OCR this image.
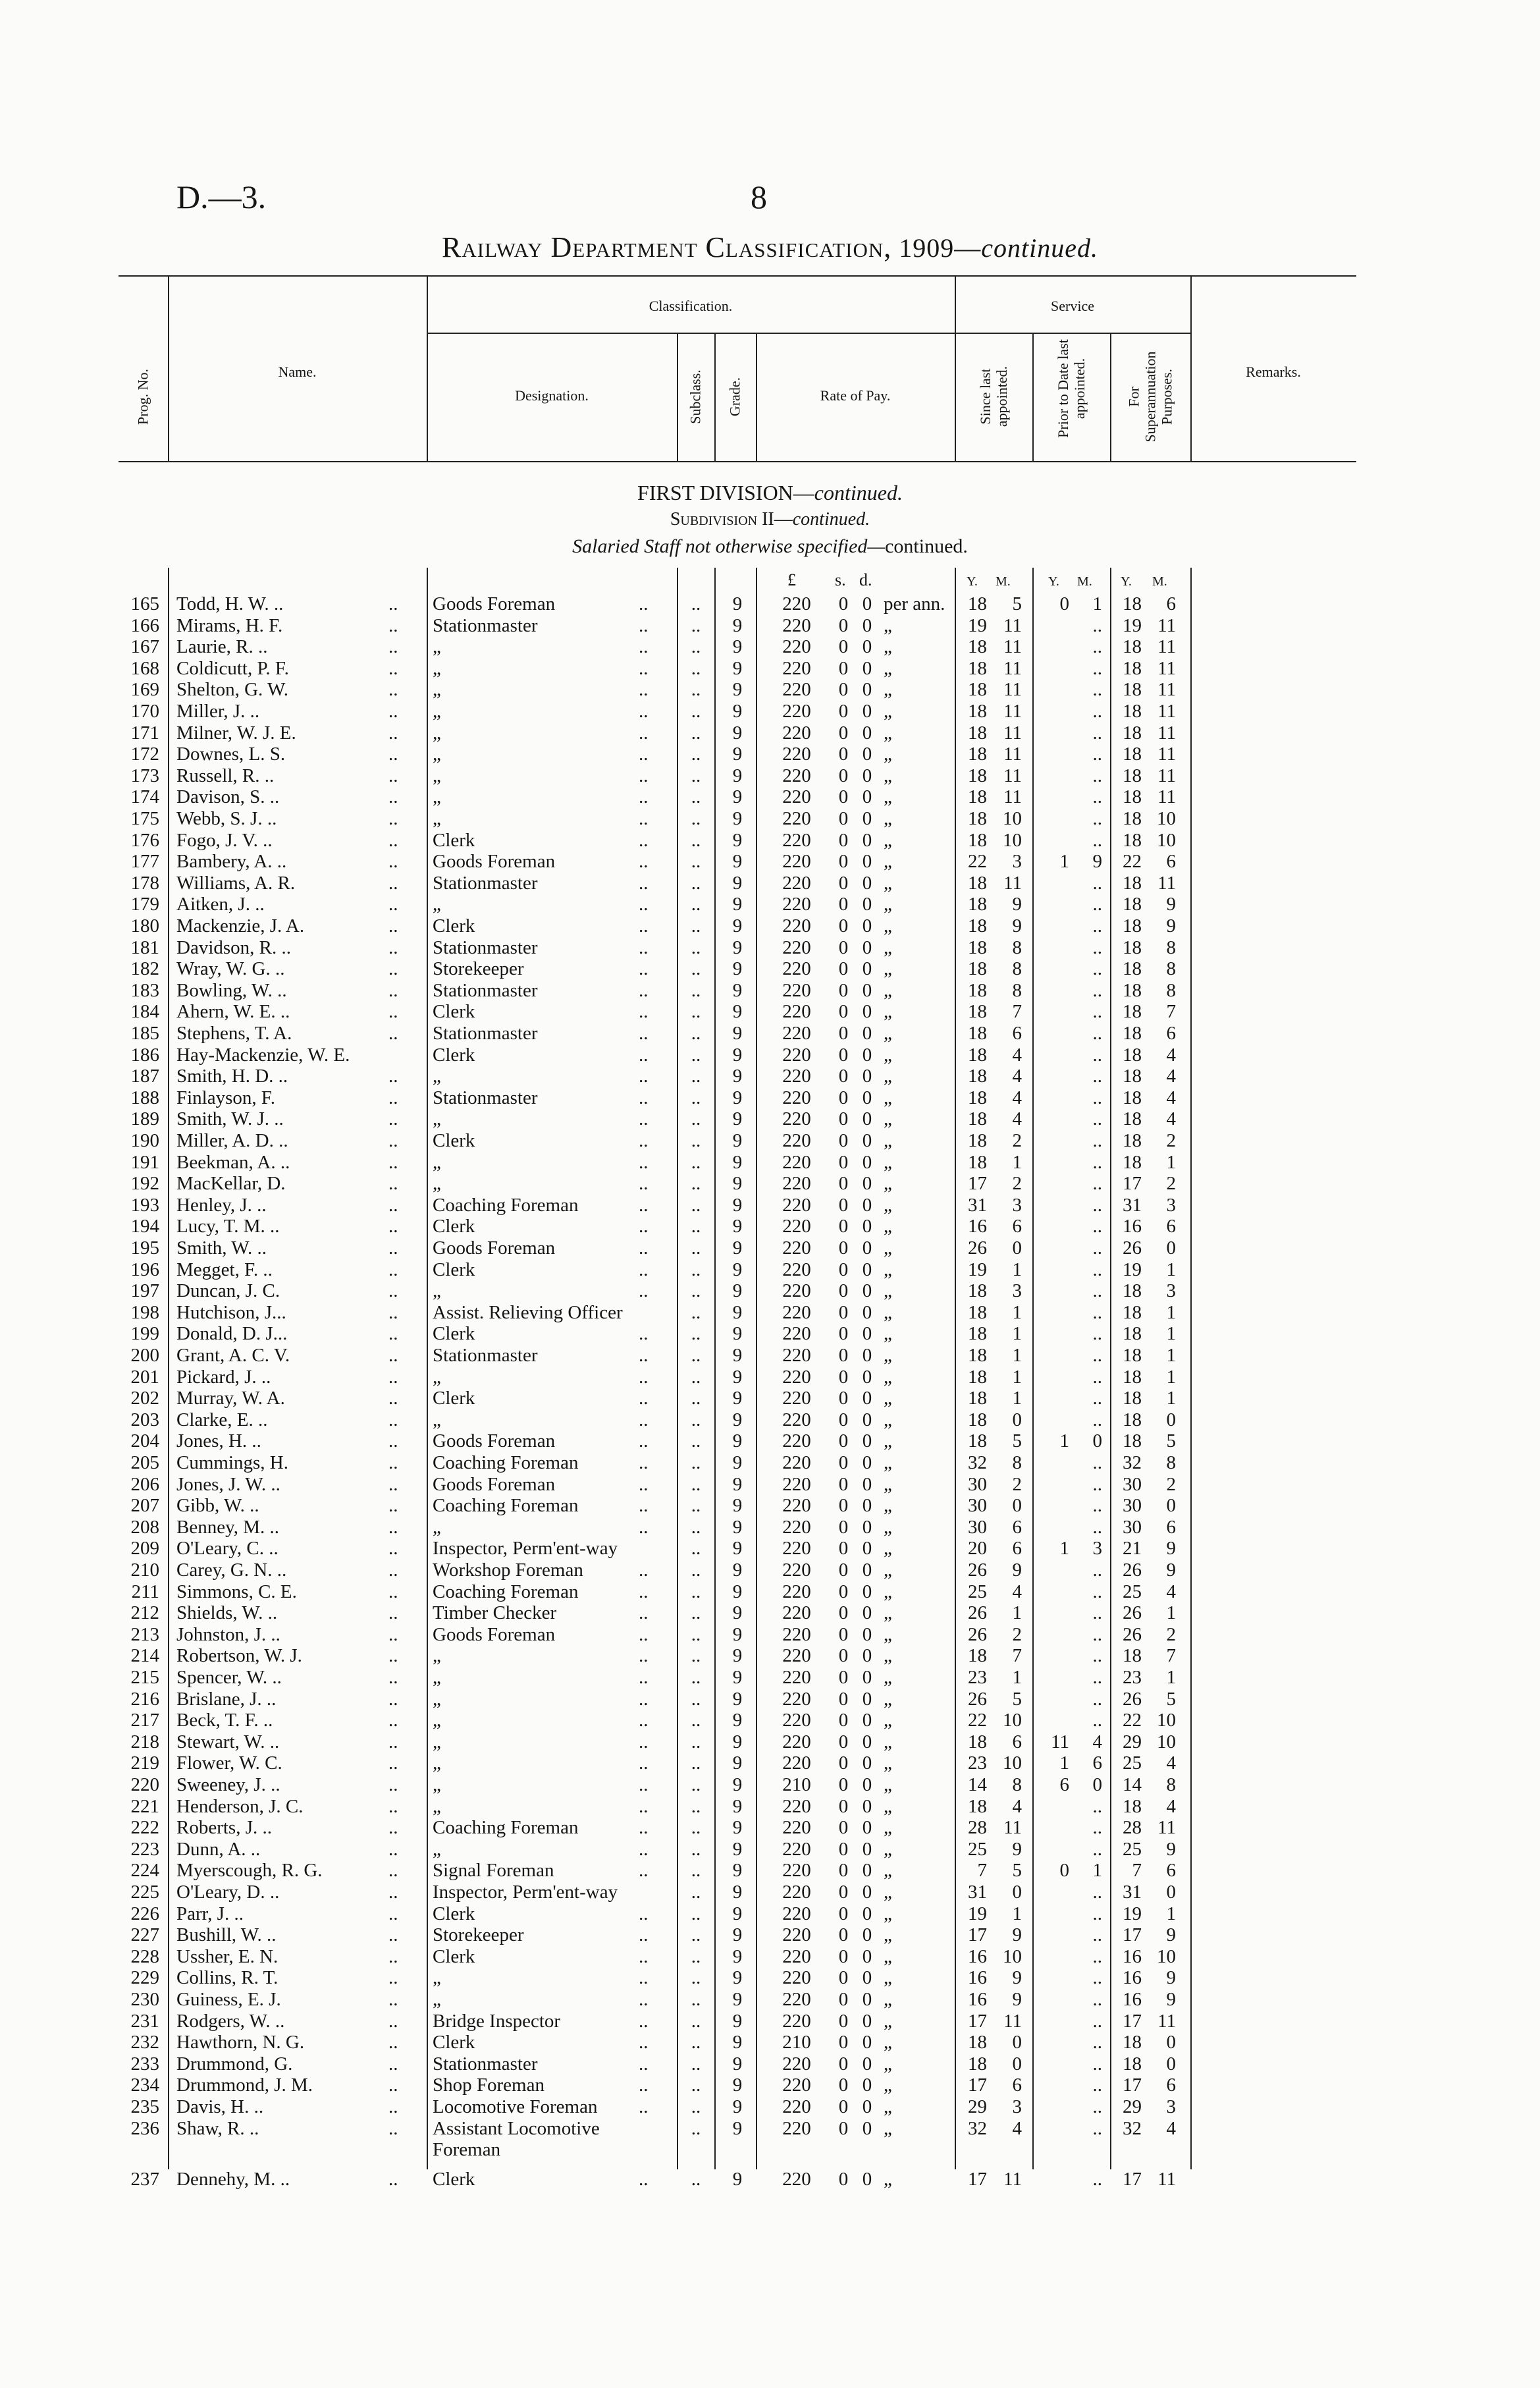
D.—3.	8
Railway Department Classification, 1909—continued.
Prog. No.	Name.
Classification.	Service
Designation.	Subclass. Grade.	Rate of Pay.	Since last appointed.	Prior to Date last appointed.	For Superannuation Purposes.	Remarks.
FIRST DIVISION—continued.
Subdivision II—continued.
Salaried Staff not otherwise specified—continued.
£ s. d.	Y. M.	Y. M. Y. M.
165 Todd, H. W. ..	.. Goods Foreman	..	..	9	220	0 0 per ann.	18	5	0	1	18	6
166 Mirams, H. F.	.. Stationmaster	..	..	9	220	0 0 „	19 11	..	19 11
167 Laurie, R. ..	.. „	..	..	9	220	0 0 „	18 11	..	18 11
168 Coldicutt, P. F.	.. „	..	..	9	220	0 0 „	18 11	..	18 11
169 Shelton, G. W.	.. „	..	..	9	220	0 0 „	18 11	..	18 11
170 Miller, J. ..	.. „	..	..	9	220	0 0 „	18 11	..	18 11
171 Milner, W. J. E.	.. „	..	..	9	220	0 0 „	18 11	..	18 11
172 Downes, L. S.	.. „	..	..	9	220	0 0 „	18 11	..	18 11
173 Russell, R. ..	.. „	..	..	9	220	0 0 „	18 11	..	18 11
174 Davison, S. ..	.. „	..	..	9	220	0 0 „	18 11	..	18 11
175 Webb, S. J. ..	.. „	..	..	9	220	0 0 „	18 10	..	18 10
176 Fogo, J. V. ..	.. Clerk	..	..	9	220	0 0 „	18 10	..	18 10
177 Bambery, A. ..	.. Goods Foreman	..	..	9	220	0 0 „	22	3	1	9	22	6
178 Williams, A. R.	.. Stationmaster	..	..	9	220	0 0 „	18 11	..	18 11
179 Aitken, J. ..	.. „	..	..	9	220	0 0 „	18	9	..	18	9
180 Mackenzie, J. A.	.. Clerk	..	..	9	220	0 0 „	18	9	..	18	9
181 Davidson, R. ..	.. Stationmaster	..	..	9	220	0 0 „	18	8	..	18	8
182 Wray, W. G. ..	.. Storekeeper	..	..	9	220	0 0 „	18	8	..	18	8
183 Bowling, W. ..	.. Stationmaster	..	..	9	220	0 0 „	18	8	..	18	8
184 Ahern, W. E. ..	.. Clerk	..	..	9	220	0 0 „	18	7	..	18	7
185 Stephens, T. A.	.. Stationmaster	..	..	9	220	0 0 „	18	6	..	18	6
186 Hay-Mackenzie, W. E.	Clerk	..	..	9	220	0 0 „	18	4	..	18	4
187 Smith, H. D. ..	.. „	..	..	9	220	0 0 „	18	4	..	18	4
188 Finlayson, F.	.. Stationmaster	..	..	9	220	0 0 „	18	4	..	18	4
189 Smith, W. J. ..	.. „	..	..	9	220	0 0 „	18	4	..	18	4
190 Miller, A. D. ..	.. Clerk	..	..	9	220	0 0 „	18	2	..	18	2
191 Beekman, A. ..	.. „	..	..	9	220	0 0 „	18	1	..	18	1
192 MacKellar, D.	.. „	..	..	9	220	0 0 „	17	2	..	17	2
193 Henley, J. ..	.. Coaching Foreman	..	..	9	220	0 0 „	31	3	..	31	3
194 Lucy, T. M. ..	.. Clerk	..	..	9	220	0 0 „	16	6	..	16	6
195 Smith, W. ..	.. Goods Foreman	..	..	9	220	0 0 „	26	0	..	26	0
196 Megget, F. ..	.. Clerk	..	..	9	220	0 0 „	19	1	..	19	1
197 Duncan, J. C.	.. „	..	..	9	220	0 0 „	18	3	..	18	3
198 Hutchison, J...	.. Assist. Relieving Officer	..	9	220	0 0 „	18	1	..	18	1
199 Donald, D. J...	.. Clerk	..	..	9	220	0 0 „	18	1	..	18	1
200 Grant, A. C. V.	.. Stationmaster	..	..	9	220	0 0 „	18	1	..	18	1
201 Pickard, J. ..	.. „	..	..	9	220	0 0 „	18	1	..	18	1
202 Murray, W. A.	.. Clerk	..	..	9	220	0 0 „	18	1	..	18	1
203 Clarke, E. ..	.. „	..	..	9	220	0 0 „	18	0	..	18	0
204 Jones, H. ..	.. Goods Foreman	..	..	9	220	0 0 „	18	5	1	0	18	5
205 Cummings, H.	.. Coaching Foreman	..	..	9	220	0 0 „	32	8	..	32	8
206 Jones, J. W. ..	.. Goods Foreman	..	..	9	220	0 0 „	30	2	..	30	2
207 Gibb, W. ..	.. Coaching Foreman	..	..	9	220	0 0 „	30	0	..	30	0
208 Benney, M. ..	.. „	..	..	9	220	0 0 „	30	6	..	30	6
209 O'Leary, C. ..	.. Inspector, Perm'ent-way	..	9	220	0 0 „	20	6	1	3	21	9
210 Carey, G. N. ..	.. Workshop Foreman	..	..	9	220	0 0 „	26	9	..	26	9
211 Simmons, C. E.	.. Coaching Foreman	..	..	9	220	0 0 „	25	4	..	25	4
212 Shields, W. ..	.. Timber Checker	..	..	9	220	0 0 „	26	1	..	26	1
213 Johnston, J. ..	.. Goods Foreman	..	..	9	220	0 0 „	26	2	..	26	2
214 Robertson, W. J.	.. „	..	..	9	220	0 0 „	18	7	..	18	7
215 Spencer, W. ..	.. „	..	..	9	220	0 0 „	23	1	..	23	1
216 Brislane, J. ..	.. „	..	..	9	220	0 0 „	26	5	..	26	5
217 Beck, T. F. ..	.. „	..	..	9	220	0 0 „	22 10	..	22 10
218 Stewart, W. ..	.. „	..	..	9	220	0 0 „	18	6	11	4	29 10
219 Flower, W. C.	.. „	..	..	9	220	0 0 „	23 10	1	6	25	4
220 Sweeney, J. ..	.. „	..	..	9	210	0 0 „	14	8	6	0	14	8
221 Henderson, J. C.	.. „	..	..	9	220	0 0 „	18	4	..	18	4
222 Roberts, J. ..	.. Coaching Foreman	..	..	9	220	0 0 „	28 11	..	28 11
223 Dunn, A. ..	.. „	..	..	9	220	0 0 „	25	9	..	25	9
224 Myerscough, R. G.	.. Signal Foreman	..	..	9	220	0 0 „	7	5	0	1	7	6
225 O'Leary, D. ..	.. Inspector, Perm'ent-way	..	9	220	0 0 „	31	0	..	31	0
226 Parr, J. ..	.. Clerk	..	..	9	220	0 0 „	19	1	..	19	1
227 Bushill, W. ..	.. Storekeeper	..	..	9	220	0 0 „	17	9	..	17	9
228 Ussher, E. N.	.. Clerk	..	..	9	220	0 0 „	16 10	..	16 10
229 Collins, R. T.	.. „	..	..	9	220	0 0 „	16	9	..	16	9
230 Guiness, E. J.	.. „	..	..	9	220	0 0 „	16	9	..	16	9
231 Rodgers, W. ..	.. Bridge Inspector	..	..	9	220	0 0 „	17 11	..	17 11
232 Hawthorn, N. G.	.. Clerk	..	..	9	210	0 0 „	18	0	..	18	0
233 Drummond, G.	.. Stationmaster	..	..	9	220	0 0 „	18	0	..	18	0
234 Drummond, J. M.	.. Shop Foreman	..	..	9	220	0 0 „	17	6	..	17	6
235 Davis, H. ..	.. Locomotive Foreman ..	..	9	220	0 0 „	29	3	..	29	3
236 Shaw, R. ..	.. Assistant Locomotive	..	9	220	0 0 „	32	4	..	32	4
Foreman
237 Dennehy, M. ..	.. Clerk	..	..	9	220	0 0 „	17 11	..	17 11
